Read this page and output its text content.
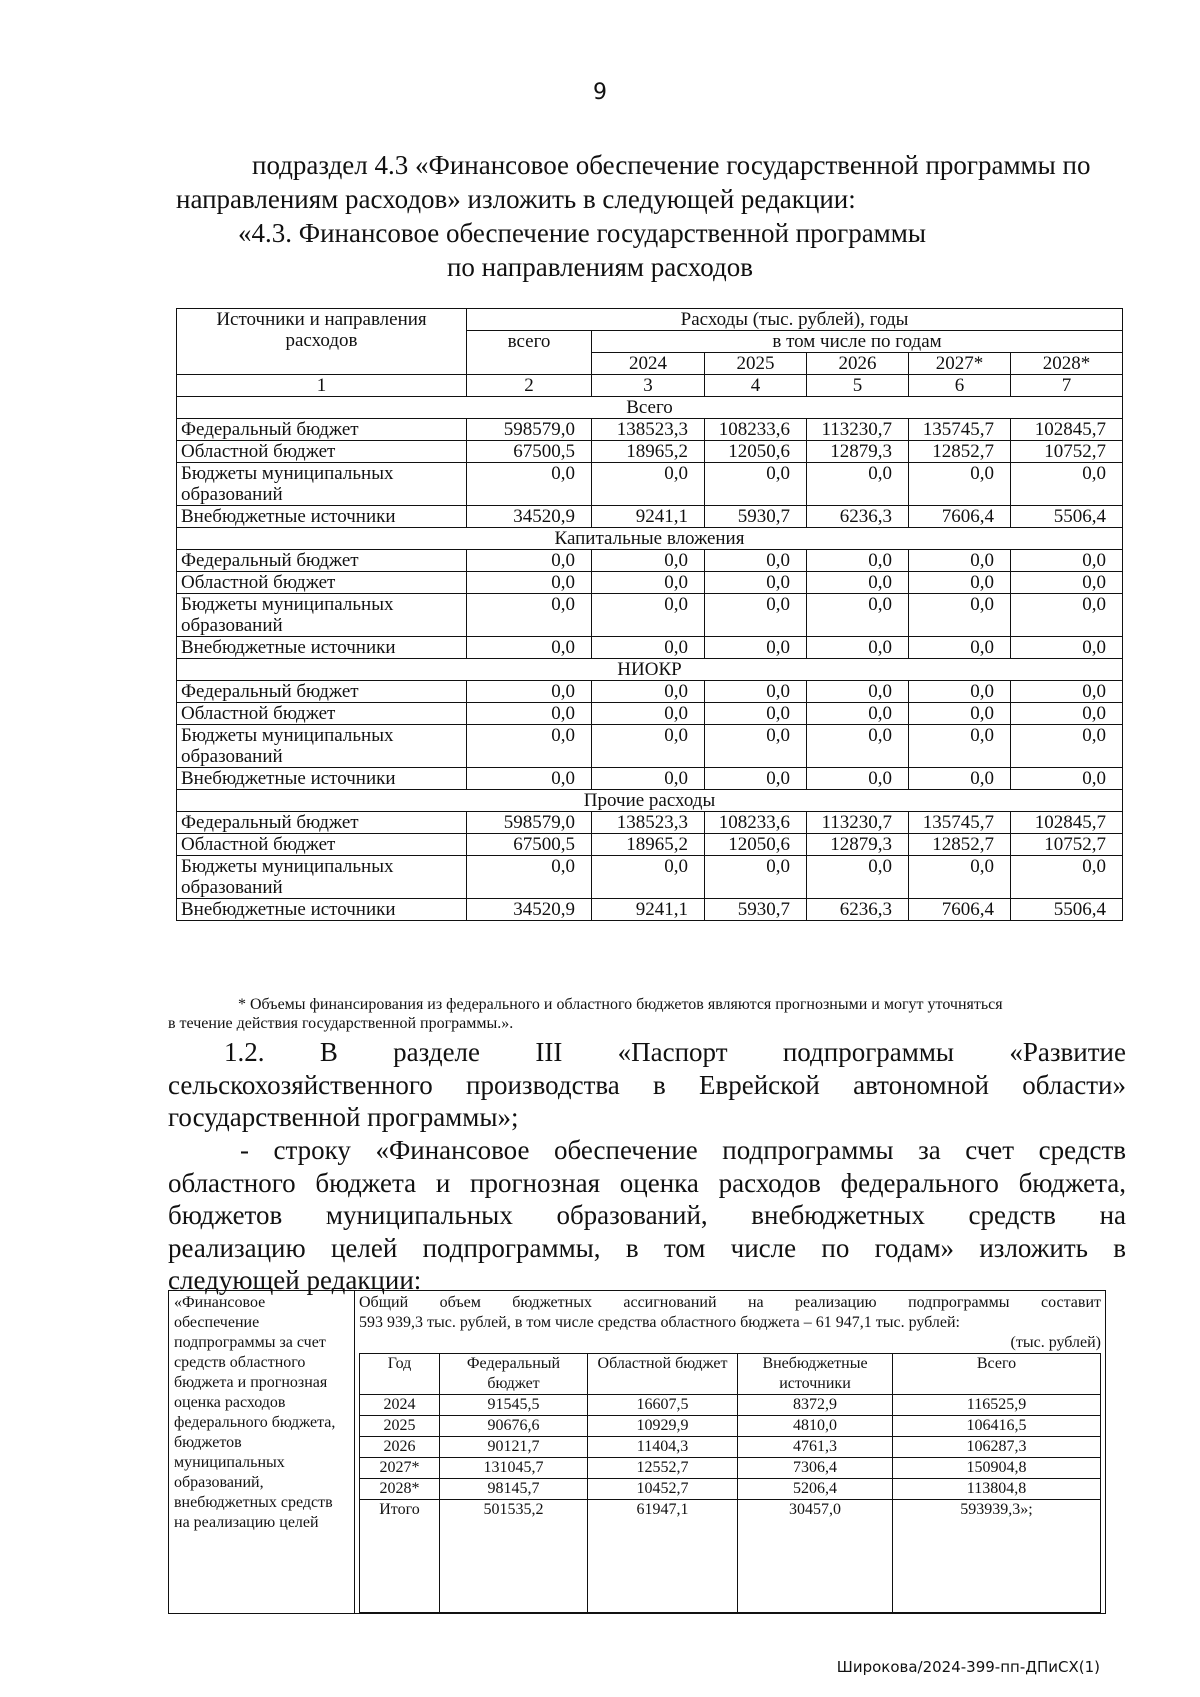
9
подраздел 4.3 «Финансовое обеспечение государственной программы по
направлениям расходов» изложить в следующей редакции:
«4.3. Финансовое обеспечение государственной программы
по направлениям расходов
Источники и направления расходов	Расходы (тыс. рублей), годы					
	всего	в том числе по годам				
		2024	2025	2026	2027*	2028*
1	2	3	4	5	6	7
Всего						
Федеральный бюджет	598579,0	138523,3	108233,6	113230,7	135745,7	102845,7
Областной бюджет	67500,5	18965,2	12050,6	12879,3	12852,7	10752,7
Бюджеты муниципальных образований	0,0	0,0	0,0	0,0	0,0	0,0
Внебюджетные источники	34520,9	9241,1	5930,7	6236,3	7606,4	5506,4
Капитальные вложения						
Федеральный бюджет	0,0	0,0	0,0	0,0	0,0	0,0
Областной бюджет	0,0	0,0	0,0	0,0	0,0	0,0
Бюджеты муниципальных образований	0,0	0,0	0,0	0,0	0,0	0,0
Внебюджетные источники	0,0	0,0	0,0	0,0	0,0	0,0
НИОКР						
Федеральный бюджет	0,0	0,0	0,0	0,0	0,0	0,0
Областной бюджет	0,0	0,0	0,0	0,0	0,0	0,0
Бюджеты муниципальных образований	0,0	0,0	0,0	0,0	0,0	0,0
Внебюджетные источники	0,0	0,0	0,0	0,0	0,0	0,0
Прочие расходы						
Федеральный бюджет	598579,0	138523,3	108233,6	113230,7	135745,7	102845,7
Областной бюджет	67500,5	18965,2	12050,6	12879,3	12852,7	10752,7
Бюджеты муниципальных образований	0,0	0,0	0,0	0,0	0,0	0,0
Внебюджетные источники	34520,9	9241,1	5930,7	6236,3	7606,4	5506,4
* Объемы финансирования из федерального и областного бюджетов являются прогнозными и могут уточняться
в течение действия государственной программы.».
1.2. В разделе III «Паспорт подпрограммы «Развитие
сельскохозяйственного производства в Еврейской автономной области»
государственной программы»;
- строку «Финансовое обеспечение подпрограммы за счет средств
областного бюджета и прогнозная оценка расходов федерального бюджета,
бюджетов муниципальных образований, внебюджетных средств на
реализацию целей подпрограммы, в том числе по годам» изложить в
следующей редакции:
«Финансовое обеспечение подпрограммы за счет средств областного бюджета и прогнозная оценка расходов федерального бюджета, бюджетов муниципальных образований, внебюджетных средств на реализацию целей	
Общий объем бюджетных ассигнований на реализацию подпрограммы составит
593 939,3 тыс. рублей, в том числе средства областного бюджета – 61 947,1 тыс. рублей:
(тыс. рублей)
Год	Федеральный бюджет	Областной бюджет	Внебюджетные источники	Всего
2024	91545,5	16607,5	8372,9	116525,9
2025	90676,6	10929,9	4810,0	106416,5
2026	90121,7	11404,3	4761,3	106287,3
2027*	131045,7	12552,7	7306,4	150904,8
2028*	98145,7	10452,7	5206,4	113804,8
Итого	501535,2	61947,1	30457,0	593939,3»;
Широкова/2024-399-пп-ДПиСХ(1)
